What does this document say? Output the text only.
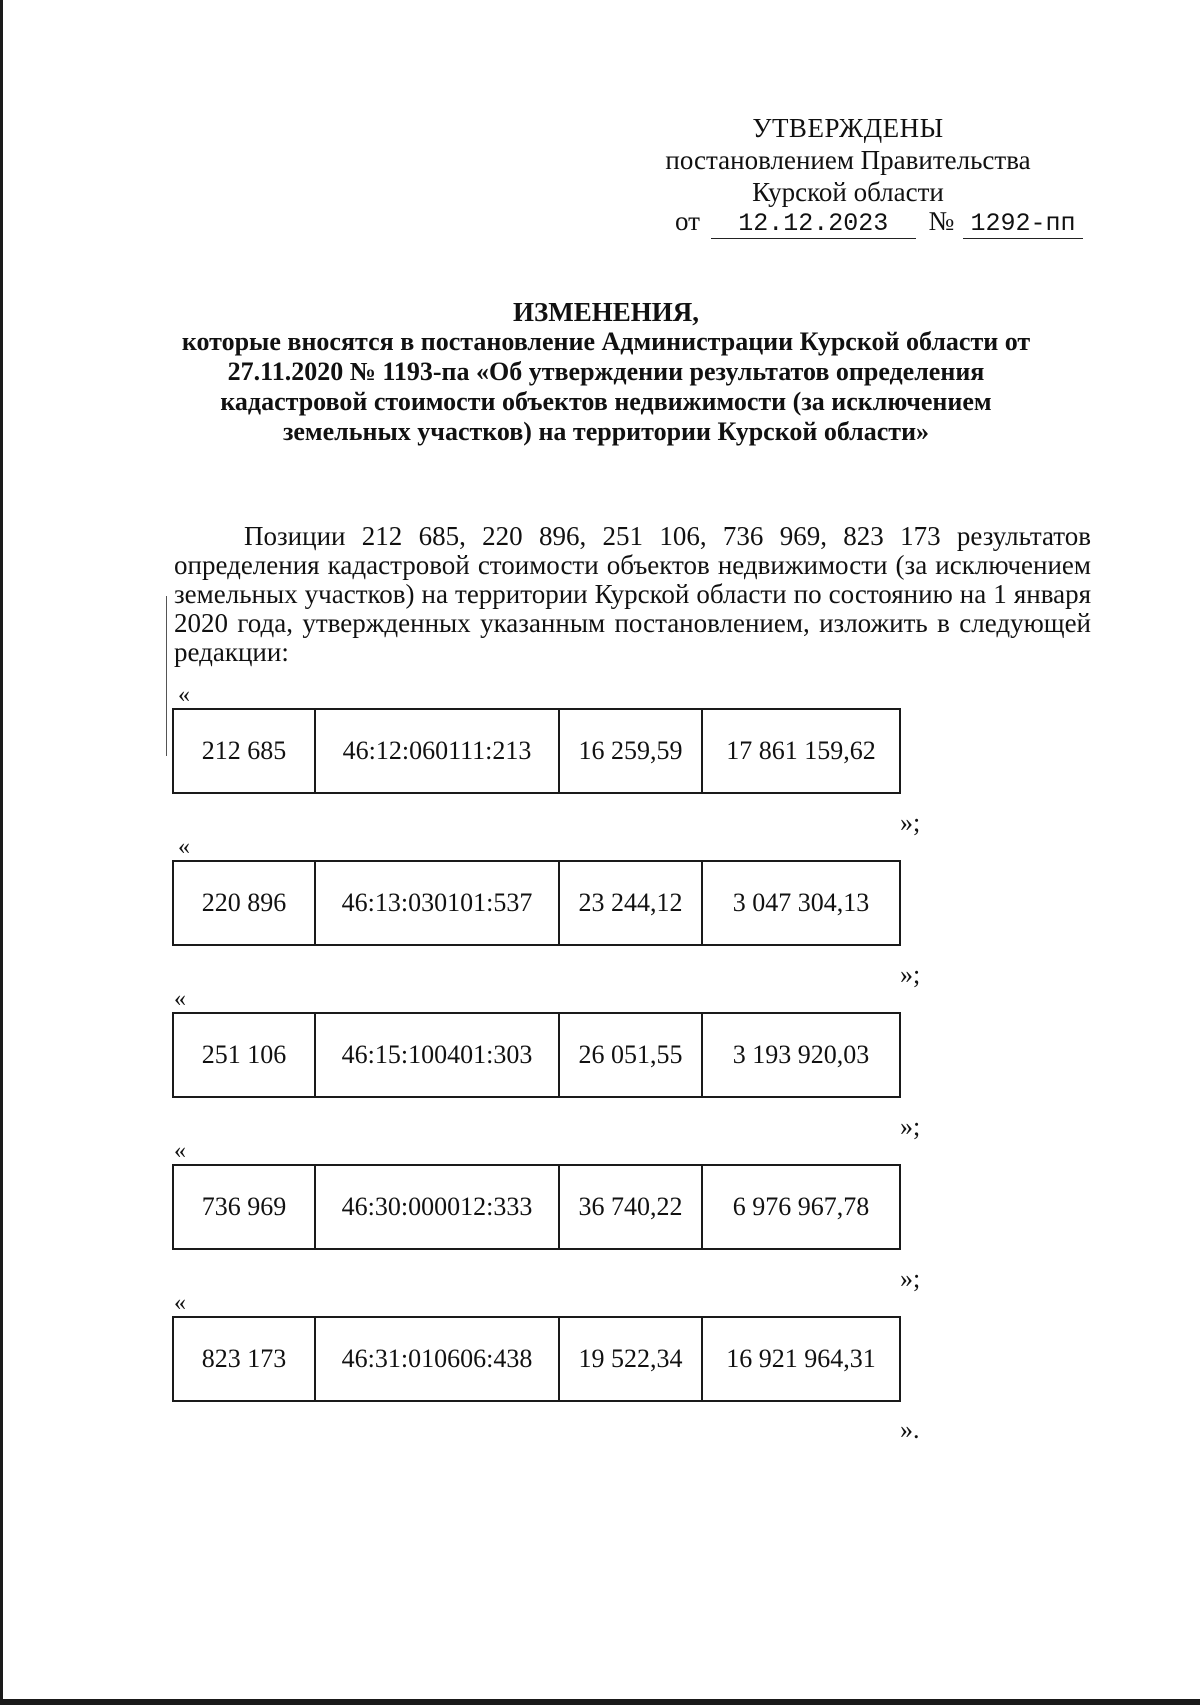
УТВЕРЖДЕНЫ
постановлением Правительства
Курской области
от 12.12.2023 № 1292-пп
ИЗМЕНЕНИЯ,
которые вносятся в постановление Администрации Курской области от
27.11.2020 № 1193-па «Об утверждении результатов определения
кадастровой стоимости объектов недвижимости (за исключением
земельных участков) на территории Курской области»
Позиции 212 685, 220 896, 251 106, 736 969, 823 173 результатов определения кадастровой стоимости объектов недвижимости (за исключением земельных участков) на территории Курской области по состоянию на 1 января 2020 года, утвержденных указанным постановлением, изложить в следующей редакции:
«
212 685	46:12:060111:213	16 259,59	17 861 159,62
»;
«
220 896	46:13:030101:537	23 244,12	3 047 304,13
»;
«
251 106	46:15:100401:303	26 051,55	3 193 920,03
»;
«
736 969	46:30:000012:333	36 740,22	6 976 967,78
»;
«
823 173	46:31:010606:438	19 522,34	16 921 964,31
».
